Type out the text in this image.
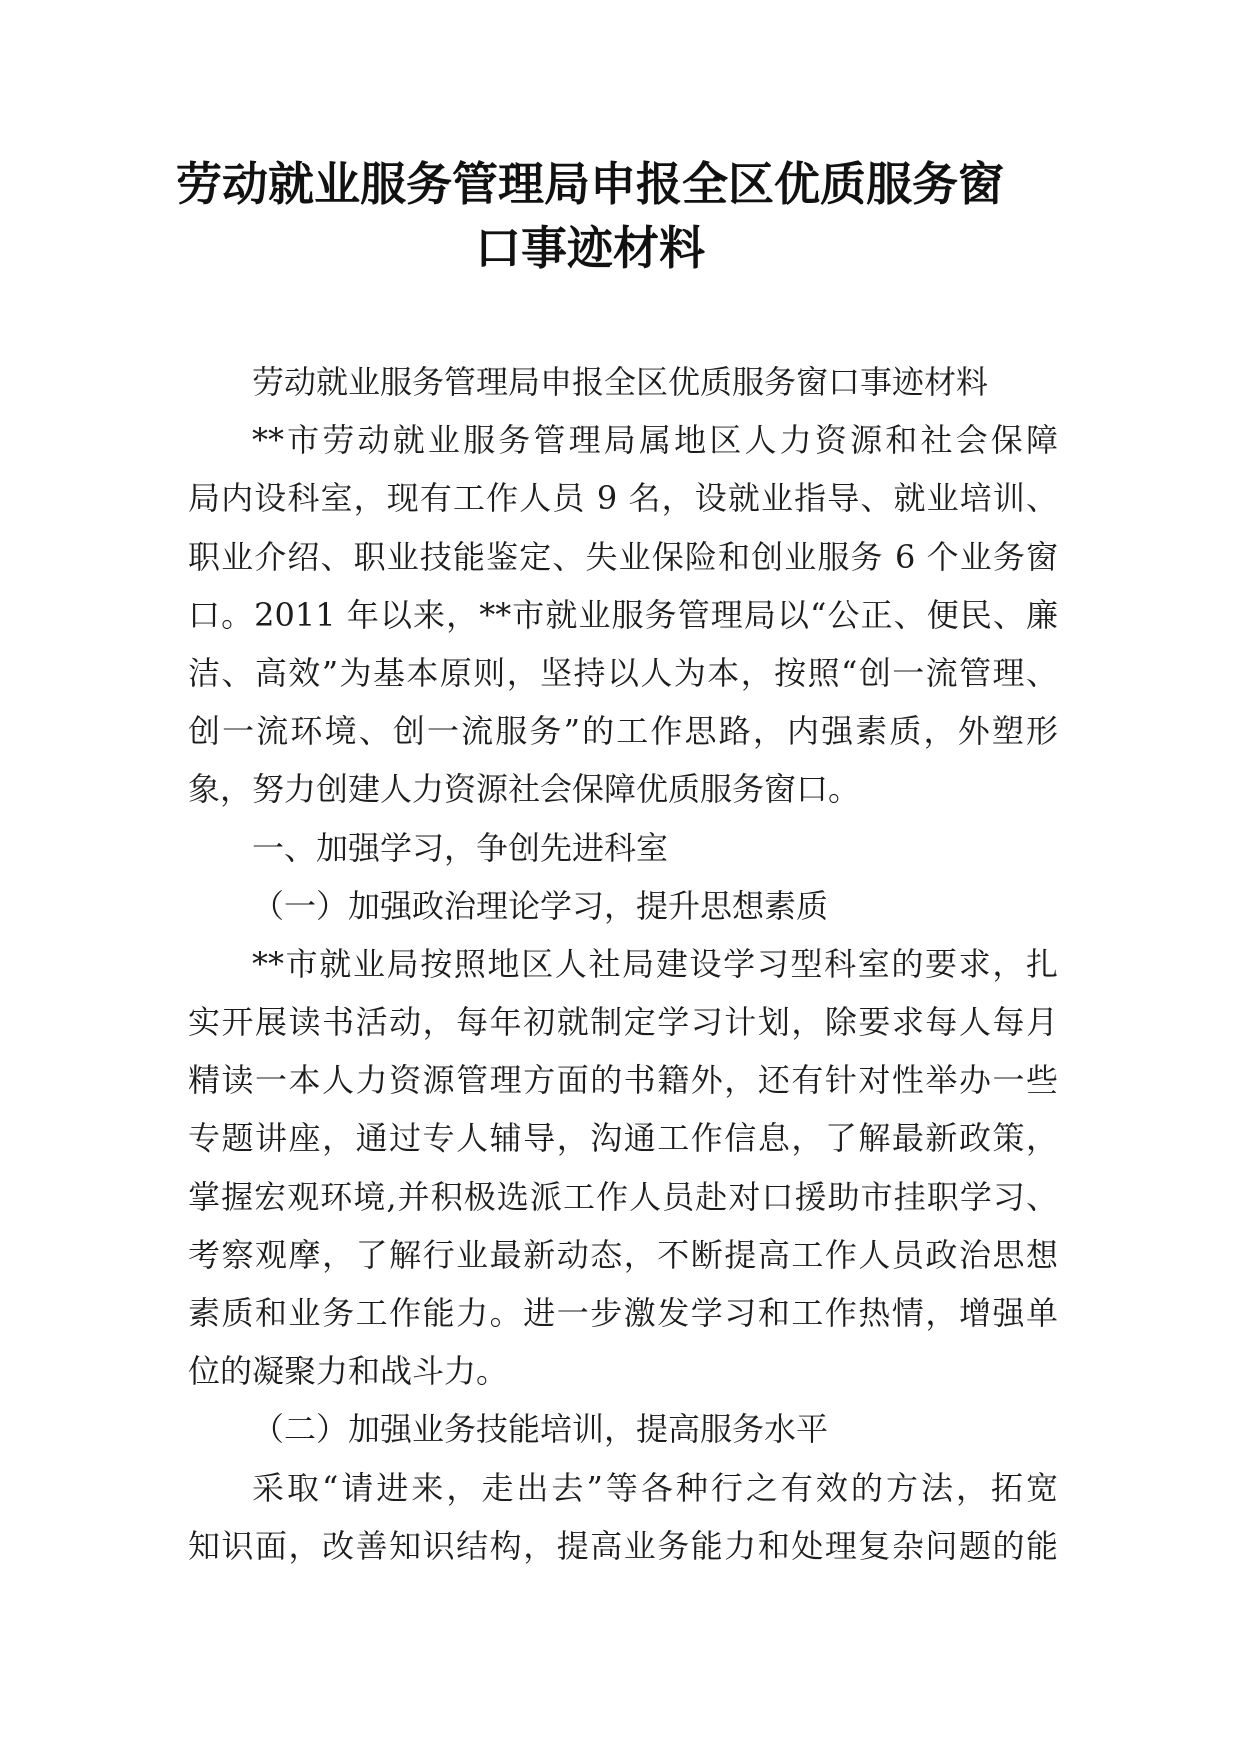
劳动就业服务管理局申报全区优质服务窗
口事迹材料
劳动就业服务管理局申报全区优质服务窗口事迹材料
**市劳动就业服务管理局属地区人力资源和社会保障
局内设科室，现有工作人员 9 名，设就业指导、就业培训、
职业介绍、职业技能鉴定、失业保险和创业服务 6 个业务窗
口。2011 年以来，**市就业服务管理局以“公正、便民、廉
洁、高效”为基本原则，坚持以人为本，按照“创一流管理、
创一流环境、创一流服务”的工作思路，内强素质，外塑形
象，努力创建人力资源社会保障优质服务窗口。
一、加强学习，争创先进科室
（一）加强政治理论学习，提升思想素质
**市就业局按照地区人社局建设学习型科室的要求，扎
实开展读书活动，每年初就制定学习计划，除要求每人每月
精读一本人力资源管理方面的书籍外，还有针对性举办一些
专题讲座，通过专人辅导，沟通工作信息，了解最新政策，
掌握宏观环境,并积极选派工作人员赴对口援助市挂职学习、
考察观摩，了解行业最新动态，不断提高工作人员政治思想
素质和业务工作能力。进一步激发学习和工作热情，增强单
位的凝聚力和战斗力。
（二）加强业务技能培训，提高服务水平
采取“请进来，走出去”等各种行之有效的方法，拓宽
知识面，改善知识结构，提高业务能力和处理复杂问题的能
